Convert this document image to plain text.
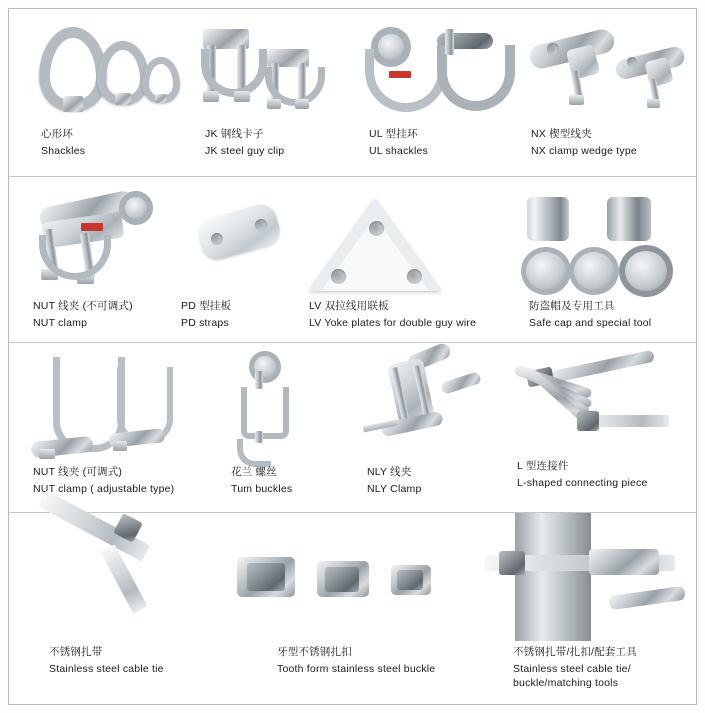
心形环
Shackles
JK 钢线卡子
JK steel guy clip
UL 型挂环
UL shackles
NX 楔型线夹
NX clamp wedge type
NUT 线夹 (不可调式)
NUT clamp
PD 型挂板
PD straps
LV 双拉线用联板
LV Yoke plates for double guy wire
防盗帽及专用工具
Safe cap and special tool
NUT 线夹 (可调式)
NUT clamp ( adjustable type)
花兰 螺丝
Tum buckles
NLY 线夹
NLY Clamp
L 型连接件
L-shaped connecting piece
不锈钢扎带
Stainless steel cable tie
牙型不锈钢扎扣
Tooth form stainless steel buckle
不锈钢扎带/扎扣/配套工具
Stainless steel cable tie/ buckle/matching tools
